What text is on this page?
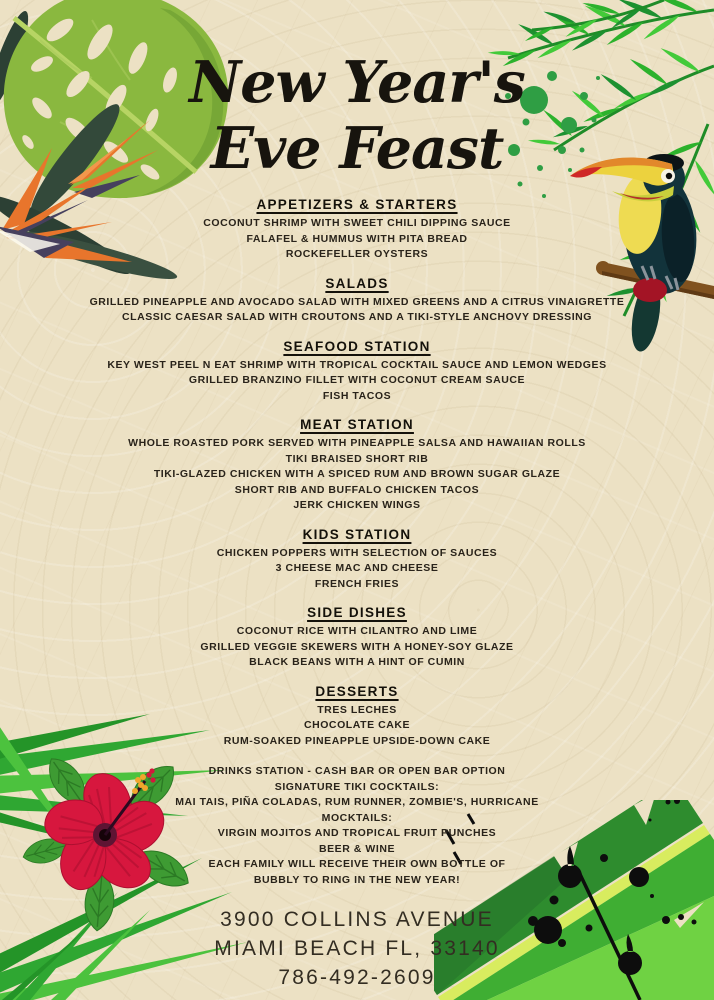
New Year's
Eve Feast
APPETIZERS & STARTERS
COCONUT SHRIMP WITH SWEET CHILI DIPPING SAUCE
FALAFEL & HUMMUS WITH PITA BREAD
ROCKEFELLER OYSTERS
SALADS
GRILLED PINEAPPLE AND AVOCADO SALAD WITH MIXED GREENS AND A CITRUS VINAIGRETTE
CLASSIC CAESAR SALAD WITH CROUTONS AND A TIKI-STYLE ANCHOVY DRESSING
SEAFOOD STATION
KEY WEST PEEL N EAT SHRIMP WITH TROPICAL COCKTAIL SAUCE AND LEMON WEDGES
GRILLED BRANZINO FILLET WITH COCONUT CREAM SAUCE
FISH TACOS
MEAT STATION
WHOLE ROASTED PORK SERVED WITH PINEAPPLE SALSA AND HAWAIIAN ROLLS
TIKI BRAISED SHORT RIB
TIKI-GLAZED CHICKEN WITH A SPICED RUM AND BROWN SUGAR GLAZE
SHORT RIB AND BUFFALO CHICKEN TACOS
JERK CHICKEN WINGS
KIDS STATION
CHICKEN POPPERS WITH SELECTION OF SAUCES
3 CHEESE MAC AND CHEESE
FRENCH FRIES
SIDE DISHES
COCONUT RICE WITH CILANTRO AND LIME
GRILLED VEGGIE SKEWERS WITH A HONEY-SOY GLAZE
BLACK BEANS WITH A HINT OF CUMIN
DESSERTS
TRES LECHES
CHOCOLATE CAKE
RUM-SOAKED PINEAPPLE UPSIDE-DOWN CAKE
DRINKS STATION - CASH BAR OR OPEN BAR OPTION
SIGNATURE TIKI COCKTAILS:
MAI TAIS, PIÑA COLADAS, RUM RUNNER, ZOMBIE'S, HURRICANE
MOCKTAILS:
VIRGIN MOJITOS AND TROPICAL FRUIT PUNCHES
BEER & WINE
EACH FAMILY WILL RECEIVE THEIR OWN BOTTLE OF
BUBBLY TO RING IN THE NEW YEAR!
3900 COLLINS AVENUE
MIAMI BEACH FL, 33140
786-492-2609
